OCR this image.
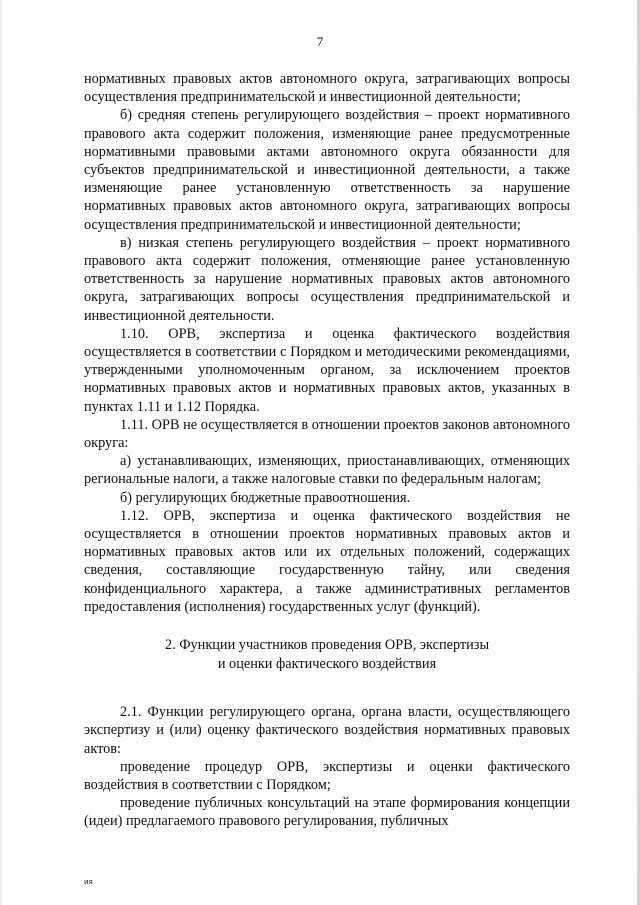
7

нормативных правовых актов автономного округа, затрагивающих вопросы осуществления предпринимательской и инвестиционной деятельности;

б) средняя степень регулирующего воздействия – проект нормативного правового акта содержит положения, изменяющие ранее предусмотренные нормативными правовыми актами автономного округа обязанности для субъектов предпринимательской и инвестиционной деятельности, а также изменяющие ранее установленную ответственность за нарушение нормативных правовых актов автономного округа, затрагивающих вопросы осуществления предпринимательской и инвестиционной деятельности;

в) низкая степень регулирующего воздействия – проект нормативного правового акта содержит положения, отменяющие ранее установленную ответственность за нарушение нормативных правовых актов автономного округа, затрагивающих вопросы осуществления предпринимательской и инвестиционной деятельности.

1.10. ОРВ, экспертиза и оценка фактического воздействия осуществляется в соответствии с Порядком и методическими рекомендациями, утвержденными уполномоченным органом, за исключением проектов нормативных правовых актов и нормативных правовых актов, указанных в пунктах 1.11 и 1.12 Порядка.

1.11. ОРВ не осуществляется в отношении проектов законов автономного округа:

а) устанавливающих, изменяющих, приостанавливающих, отменяющих региональные налоги, а также налоговые ставки по федеральным налогам;

б) регулирующих бюджетные правоотношения.

1.12. ОРВ, экспертиза и оценка фактического воздействия не осуществляется в отношении проектов нормативных правовых актов и нормативных правовых актов или их отдельных положений, содержащих сведения, составляющие государственную тайну, или сведения конфиденциального характера, а также административных регламентов предоставления (исполнения) государственных услуг (функций).

2. Функции участников проведения ОРВ, экспертизы
и оценки фактического воздействия

2.1. Функции регулирующего органа, органа власти, осуществляющего экспертизу и (или) оценку фактического воздействия нормативных правовых актов:

проведение процедур ОРВ, экспертизы и оценки фактического воздействия в соответствии с Порядком;

проведение публичных консультаций на этапе формирования концепции (идеи) предлагаемого правового регулирования, публичных

ия
